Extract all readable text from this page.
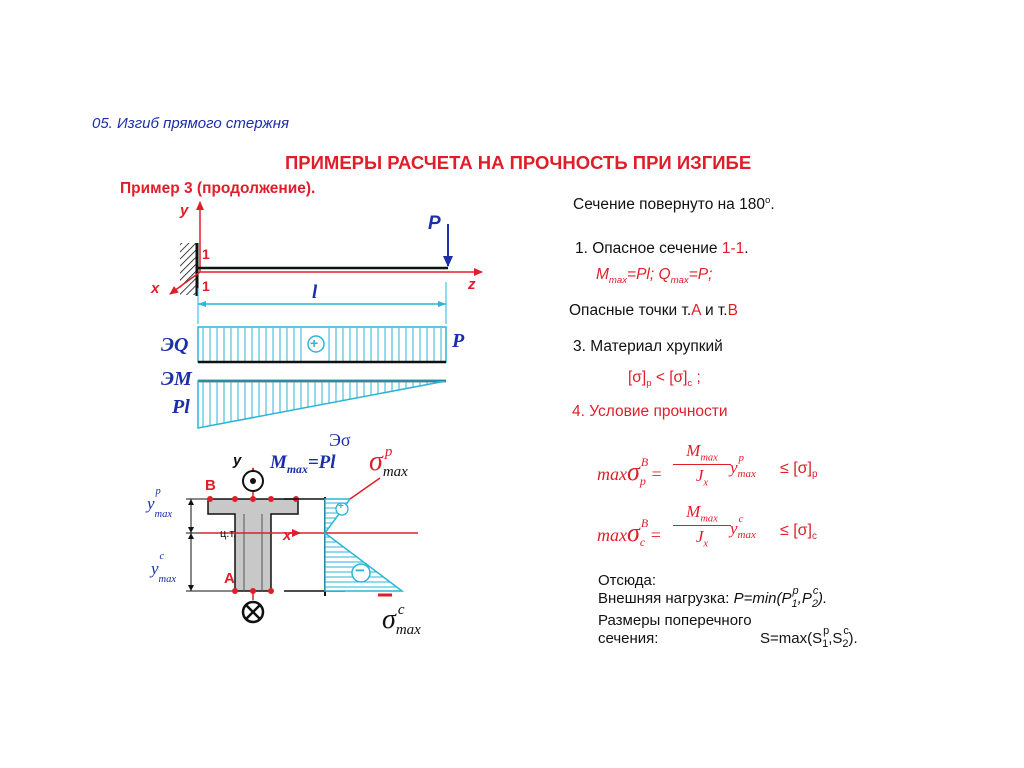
05. Изгиб прямого стержня
ПРИМЕРЫ РАСЧЕТА НА ПРОЧНОСТЬ ПРИ ИЗГИБЕ
Пример 3 (продолжение).
y
1
1
x	z
P
l
ЭQ	+	P
ЭM
Pl
Эσ
$M_{max}=Pl$
y
B
A
ц.т.	x
y
p
$_{max}$
y
c
$_{max}$
+
−
σ p
max
σ c
max
Сечение повернуто на 180$^o$.
1. Опасное сечение 1-1.
$M_{max}=Pl$; $Q_{max}=P$;
Опасные точки т.A и т.B
3. Материал хрупкий
$[\sigma]_p < [\sigma]_c$ ;
4. Условие прочности
maxσ B
p =
$M_{max}$
$J_x$
y p
$\max \le [\sigma]_p$
maxσ B
c =
$M_{max}$
$J_x$
y c
$\max \le [\sigma]_c$
Отсюда:
Внешняя нагрузка: P=min(P p
1,P c
2).
Размеры поперечного
сечения:	S=max(S p
1,S c
2).
